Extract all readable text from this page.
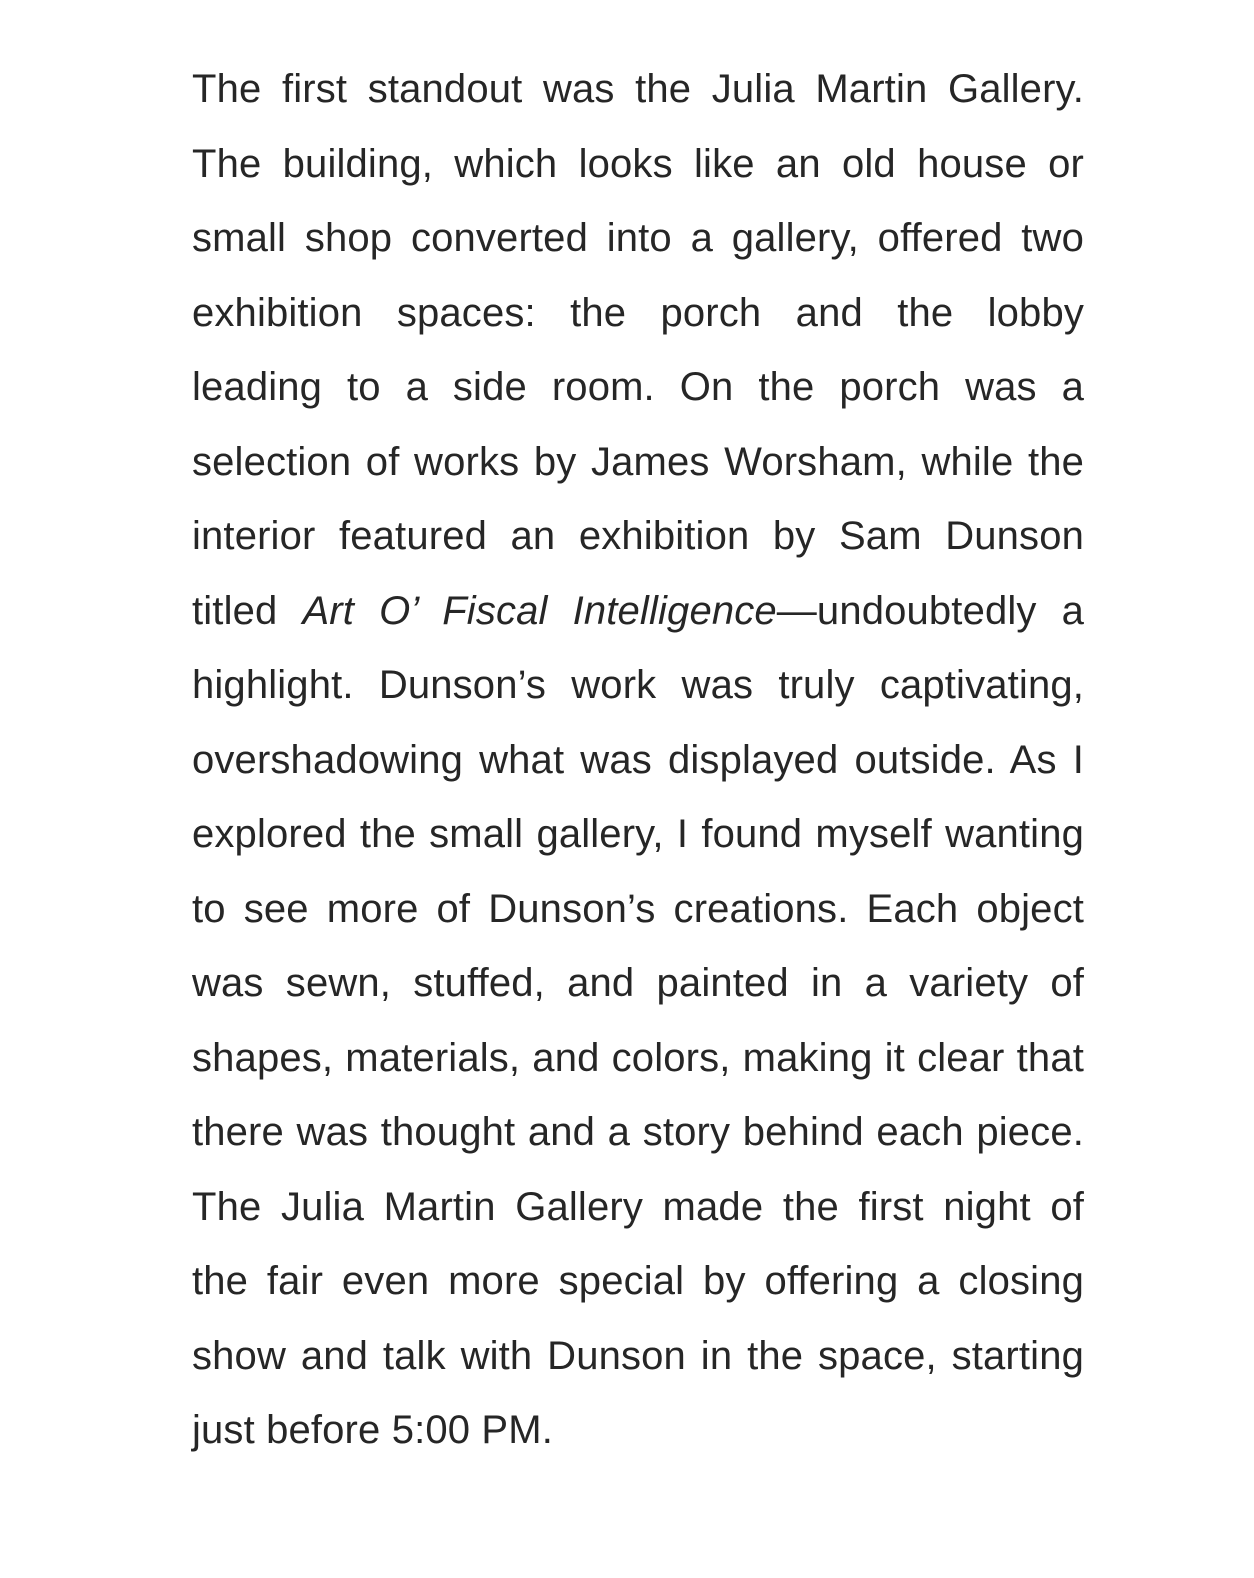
The first standout was the Julia Martin Gallery. The building, which looks like an old house or small shop converted into a gallery, offered two exhibition spaces: the porch and the lobby leading to a side room. On the porch was a selection of works by James Worsham, while the interior featured an exhibition by Sam Dunson titled Art O’ Fiscal Intelligence—undoubtedly a highlight. Dunson’s work was truly captivating, overshadowing what was displayed outside. As I explored the small gallery, I found myself wanting to see more of Dunson’s creations. Each object was sewn, stuffed, and painted in a variety of shapes, materials, and colors, making it clear that there was thought and a story behind each piece. The Julia Martin Gallery made the first night of the fair even more special by offering a closing show and talk with Dunson in the space, starting just before 5:00 PM.
